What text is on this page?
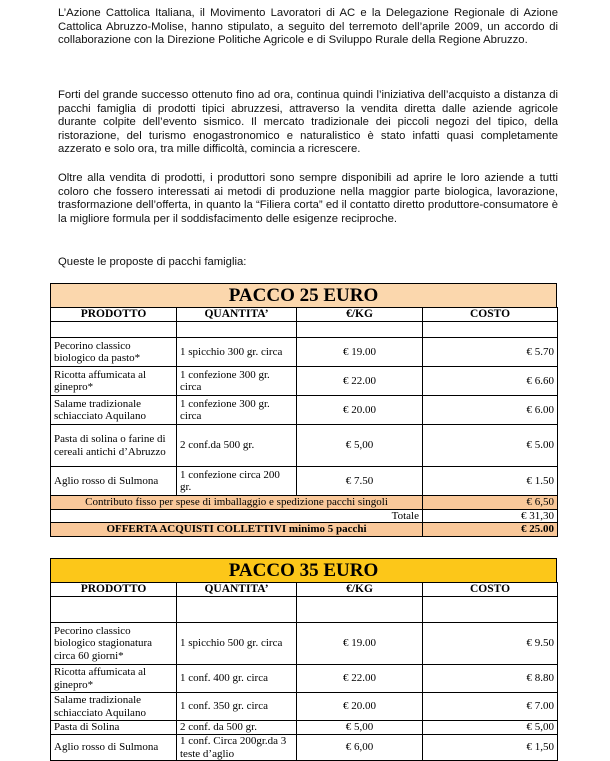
L’Azione Cattolica Italiana, il Movimento Lavoratori di AC e la Delegazione Regionale di Azione Cattolica Abruzzo-Molise, hanno stipulato, a seguito del terremoto dell’aprile 2009, un accordo di collaborazione con la Direzione Politiche Agricole e di Sviluppo Rurale della Regione Abruzzo.

Forti del grande successo ottenuto fino ad ora, continua quindi l’iniziativa dell’acquisto a distanza di pacchi famiglia di prodotti tipici abruzzesi, attraverso la vendita diretta dalle aziende agricole durante colpite dell’evento sismico. Il mercato tradizionale dei piccoli negozi del tipico, della ristorazione, del turismo enogastronomico e naturalistico è stato infatti quasi completamente azzerato e solo ora, tra mille difficoltà, comincia a ricrescere.

Oltre alla vendita di prodotti, i produttori sono sempre disponibili ad aprire le loro aziende a tutti coloro che fossero interessati ai metodi di produzione nella maggior parte biologica, lavorazione, trasformazione dell’offerta, in quanto la “Filiera corta” ed il contatto diretto produttore-consumatore è la migliore formula per il soddisfacimento delle esigenze reciproche.

Queste le proposte di pacchi famiglia:

PACCO 25 EURO
PRODOTTO	QUANTITA’	€/KG	COSTO

Pecorino classico biologico da pasto*	1 spicchio 300 gr. circa	€ 19.00	€ 5.70
Ricotta affumicata al ginepro*	1 confezione 300 gr. circa	€ 22.00	€ 6.60
Salame tradizionale schiacciato Aquilano	1 confezione 300 gr. circa	€ 20.00	€ 6.00
Pasta di solina o farine di cereali antichi d’Abruzzo	2 conf.da 500 gr.	€ 5,00	€ 5.00
Aglio rosso di Sulmona	1 confezione circa 200 gr.	€ 7.50	€ 1.50
Contributo fisso per spese di imballaggio e spedizione pacchi singoli			€ 6,50
Totale			€ 31,30
OFFERTA ACQUISTI COLLETTIVI minimo 5 pacchi			€ 25.00
PACCO 35 EURO
PRODOTTO	QUANTITA’	€/KG	COSTO

Pecorino classico biologico stagionatura circa 60 giorni*	1 spicchio 500 gr. circa	€ 19.00	€ 9.50
Ricotta affumicata al ginepro*	1 conf. 400 gr. circa	€ 22.00	€ 8.80
Salame tradizionale schiacciato Aquilano	1 conf. 350 gr. circa	€ 20.00	€ 7.00
Pasta di Solina	2 conf. da 500 gr.	€ 5,00	€ 5,00
Aglio rosso di Sulmona	1 conf. Circa 200gr.da 3 teste d’aglio	€ 6,00	€ 1,50
